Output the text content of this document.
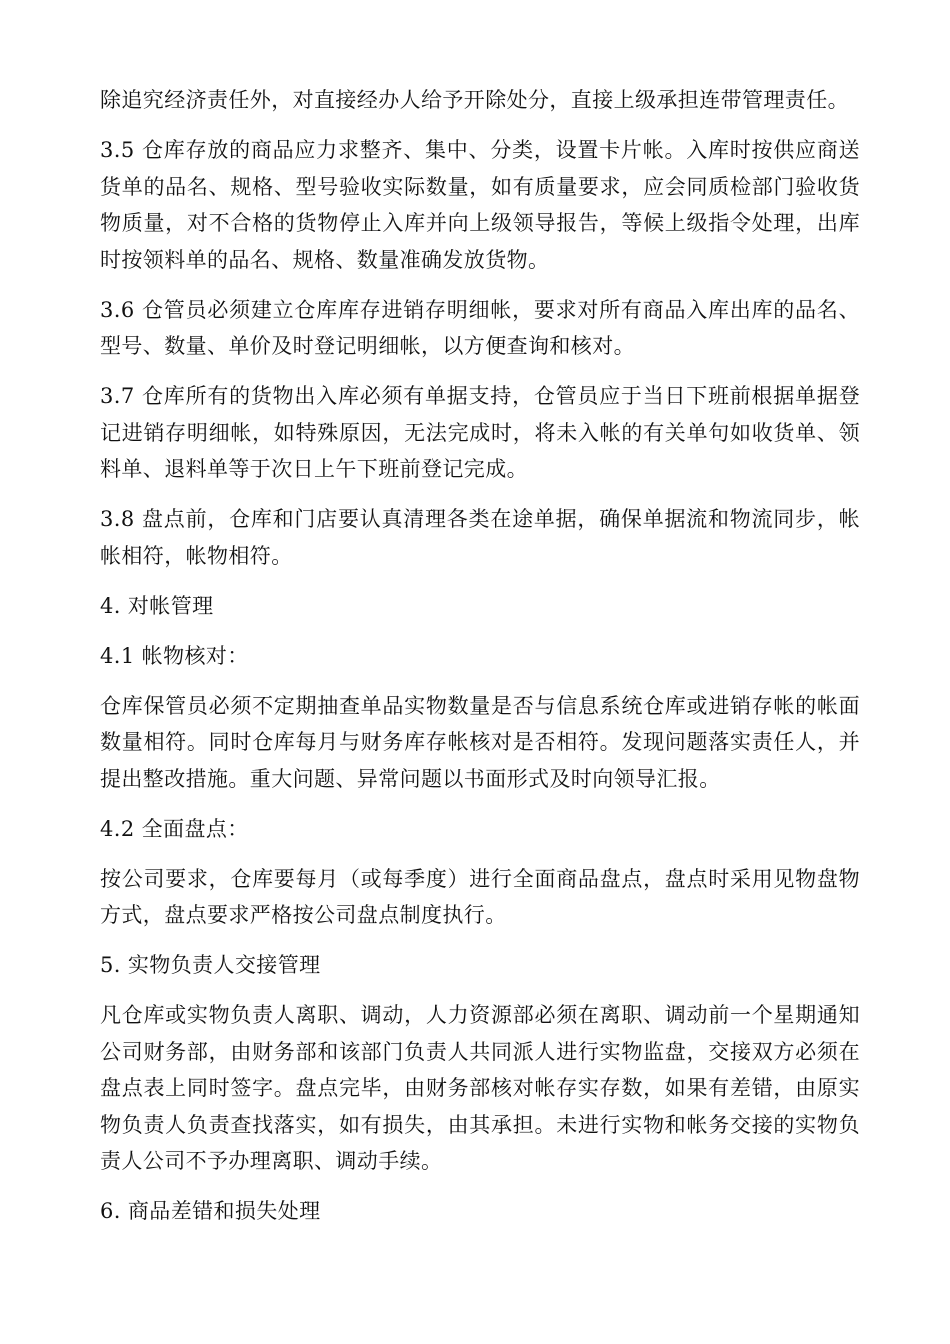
除追究经济责任外，对直接经办人给予开除处分，直接上级承担连带管理责任。

3.5 仓库存放的商品应力求整齐、集中、分类，设置卡片帐。入库时按供应商送货单的品名、规格、型号验收实际数量，如有质量要求，应会同质检部门验收货物质量，对不合格的货物停止入库并向上级领导报告，等候上级指令处理，出库时按领料单的品名、规格、数量准确发放货物。

3.6 仓管员必须建立仓库库存进销存明细帐，要求对所有商品入库出库的品名、型号、数量、单价及时登记明细帐，以方便查询和核对。

3.7 仓库所有的货物出入库必须有单据支持，仓管员应于当日下班前根据单据登记进销存明细帐，如特殊原因，无法完成时，将未入帐的有关单句如收货单、领料单、退料单等于次日上午下班前登记完成。

3.8 盘点前，仓库和门店要认真清理各类在途单据，确保单据流和物流同步，帐帐相符，帐物相符。

4. 对帐管理

4.1 帐物核对：

仓库保管员必须不定期抽查单品实物数量是否与信息系统仓库或进销存帐的帐面数量相符。同时仓库每月与财务库存帐核对是否相符。发现问题落实责任人，并提出整改措施。重大问题、异常问题以书面形式及时向领导汇报。

4.2 全面盘点：

按公司要求，仓库要每月（或每季度）进行全面商品盘点，盘点时采用见物盘物方式，盘点要求严格按公司盘点制度执行。

5. 实物负责人交接管理

凡仓库或实物负责人离职、调动，人力资源部必须在离职、调动前一个星期通知公司财务部，由财务部和该部门负责人共同派人进行实物监盘，交接双方必须在盘点表上同时签字。盘点完毕，由财务部核对帐存实存数，如果有差错，由原实物负责人负责查找落实，如有损失，由其承担。未进行实物和帐务交接的实物负责人公司不予办理离职、调动手续。

6. 商品差错和损失处理
